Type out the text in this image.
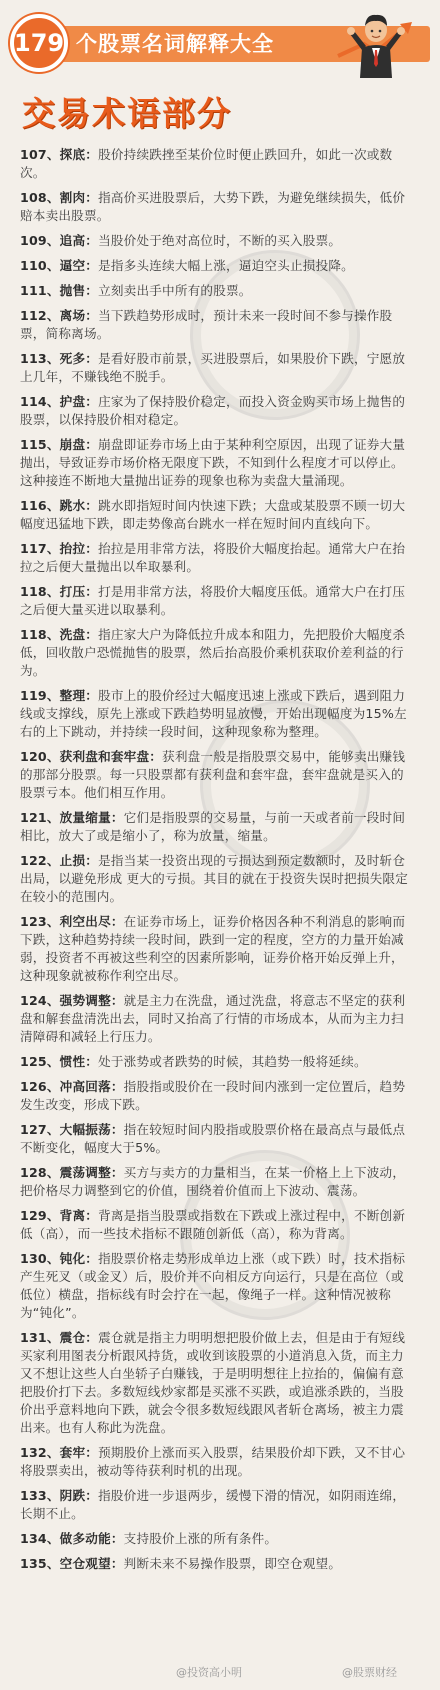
179 个股票名词解释大全
交易术语部分
107、探底：股价持续跌挫至某价位时便止跌回升，如此一次或数次。
108、割肉：指高价买进股票后，大势下跌，为避免继续损失，低价赔本卖出股票。
109、追高：当股价处于绝对高位时，不断的买入股票。
110、逼空：是指多头连续大幅上涨，逼迫空头止损投降。
111、抛售：立刻卖出手中所有的股票。
112、离场：当下跌趋势形成时，预计未来一段时间不参与操作股票，简称离场。
113、死多：是看好股市前景，买进股票后，如果股价下跌，宁愿放上几年，不赚钱绝不脱手。
114、护盘：庄家为了保持股价稳定，而投入资金购买市场上抛售的股票，以保持股价相对稳定。
115、崩盘：崩盘即证券市场上由于某种利空原因，出现了证券大量抛出，导致证券市场价格无限度下跌，不知到什么程度才可以停止。这种接连不断地大量抛出证券的现象也称为卖盘大量涌现。
116、跳水：跳水即指短时间内快速下跌；大盘或某股票不顾一切大幅度迅猛地下跌，即走势像高台跳水一样在短时间内直线向下。
117、抬拉：抬拉是用非常方法，将股价大幅度抬起。通常大户在抬拉之后便大量抛出以牟取暴利。
118、打压：打是用非常方法，将股价大幅度压低。通常大户在打压之后便大量买进以取暴利。
118、洗盘：指庄家大户为降低拉升成本和阻力，先把股价大幅度杀低，回收散户恐慌抛售的股票，然后抬高股价乘机获取价差利益的行为。
119、整理：股市上的股价经过大幅度迅速上涨或下跌后，遇到阻力线或支撑线，原先上涨或下跌趋势明显放慢，开始出现幅度为15%左右的上下跳动，并持续一段时间，这种现象称为整理。
120、获利盘和套牢盘：获利盘一般是指股票交易中，能够卖出赚钱的那部分股票。每一只股票都有获利盘和套牢盘，套牢盘就是买入的股票亏本。他们相互作用。
121、放量缩量：它们是指股票的交易量，与前一天或者前一段时间相比，放大了或是缩小了，称为放量，缩量。
122、止损：是指当某一投资出现的亏损达到预定数额时，及时斩仓出局，以避免形成 更大的亏损。其目的就在于投资失误时把损失限定在较小的范围内。
123、利空出尽：在证券市场上，证券价格因各种不利消息的影响而下跌，这种趋势持续一段时间，跌到一定的程度，空方的力量开始减弱，投资者不再被这些利空的因素所影响，证券价格开始反弹上升，这种现象就被称作利空出尽。
124、强势调整：就是主力在洗盘，通过洗盘，将意志不坚定的获利盘和解套盘清洗出去，同时又抬高了行情的市场成本，从而为主力扫清障碍和减轻上行压力。
125、惯性：处于涨势或者跌势的时候，其趋势一般将延续。
126、冲高回落：指股指或股价在一段时间内涨到一定位置后，趋势发生改变，形成下跌。
127、大幅振荡：指在较短时间内股指或股票价格在最高点与最低点不断变化，幅度大于5%。
128、震荡调整：买方与卖方的力量相当，在某一价格上上下波动，把价格尽力调整到它的价值，围绕着价值而上下波动、震荡。
129、背离：背离是指当股票或指数在下跌或上涨过程中，不断创新低（高），而一些技术指标不跟随创新低（高），称为背离。
130、钝化：指股票价格走势形成单边上涨（或下跌）时，技术指标产生死叉（或金叉）后，股价并不向相反方向运行，只是在高位（或低位）横盘，指标线有时会拧在一起，像绳子一样。这种情况被称为“钝化”。
131、震仓：震仓就是指主力明明想把股价做上去，但是由于有短线买家利用图表分析跟风持货，或收到该股票的小道消息入货，而主力又不想让这些人白坐轿子白赚钱，于是明明想往上拉抬的，偏偏有意把股价打下去。多数短线炒家都是买涨不买跌，或追涨杀跌的，当股价出乎意料地向下跌，就会令很多数短线跟风者斩仓离场，被主力震出来。也有人称此为洗盘。
132、套牢：预期股价上涨而买入股票，结果股价却下跌，又不甘心将股票卖出，被动等待获利时机的出现。
133、阴跌：指股价进一步退两步，缓慢下滑的情况，如阴雨连绵，长期不止。
134、做多动能：支持股价上涨的所有条件。
135、空仓观望：判断未来不易操作股票，即空仓观望。
@投资高小明	@股票财经
